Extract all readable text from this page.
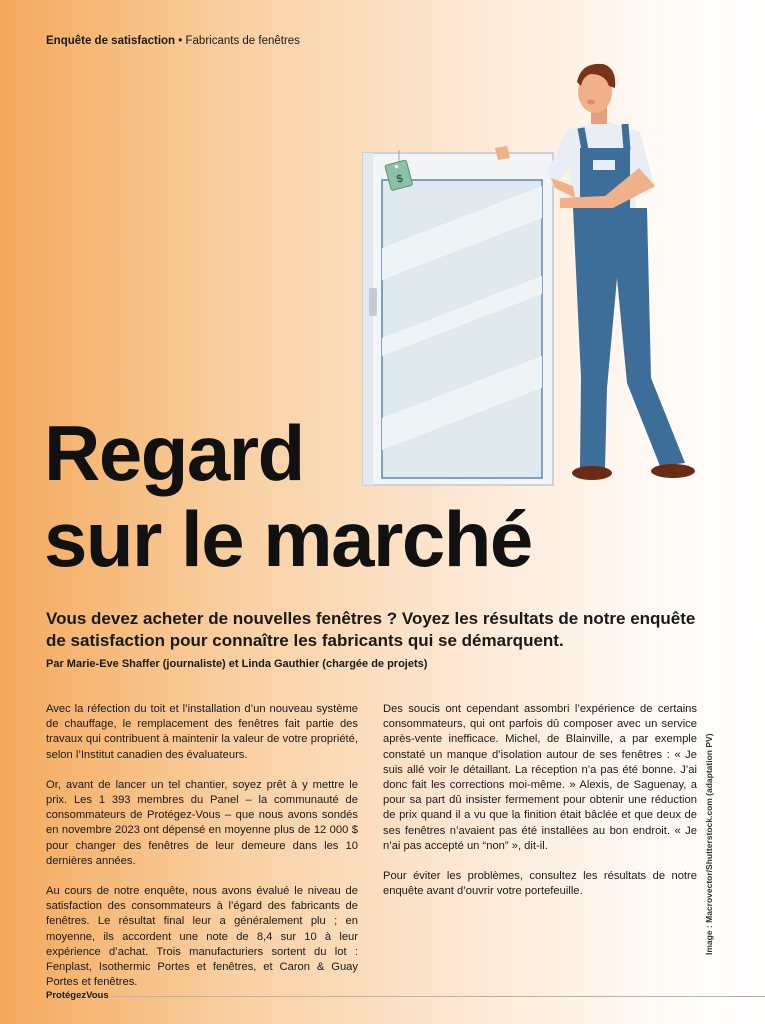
Enquête de satisfaction • Fabricants de fenêtres
$
Regard
sur le marché
Vous devez acheter de nouvelles fenêtres ? Voyez les résultats de notre enquête de satisfaction pour connaître les fabricants qui se démarquent.
Par Marie-Eve Shaffer (journaliste) et Linda Gauthier (chargée de projets)

Avec la réfection du toit et l’installation d’un nouveau système de chauffage, le remplacement des fenêtres fait partie des travaux qui contribuent à maintenir la valeur de votre propriété, selon l’Institut canadien des évaluateurs.

Or, avant de lancer un tel chantier, soyez prêt à y mettre le prix. Les 1 393 membres du Panel – la communauté de consommateurs de Protégez-Vous – que nous avons sondés en novembre 2023 ont dépensé en moyenne plus de 12 000 $ pour changer des fenêtres de leur demeure dans les 10 dernières années.

Au cours de notre enquête, nous avons évalué le niveau de satisfaction des consommateurs à l’égard des fabricants de fenêtres. Le résultat final leur a généralement plu ; en moyenne, ils accordent une note de 8,4 sur 10 à leur expérience d’achat. Trois manufacturiers sortent du lot : Fenplast, Isothermic Portes et fenêtres, et Caron & Guay Portes et fenêtres.

Des soucis ont cependant assombri l’expérience de certains consommateurs, qui ont parfois dû composer avec un service après-vente inefficace. Michel, de Blainville, a par exemple constaté un manque d’isolation autour de ses fenêtres : « Je suis allé voir le détaillant. La réception n’a pas été bonne. J’ai donc fait les corrections moi-même. » Alexis, de Saguenay, a pour sa part dû insister fermement pour obtenir une réduction de prix quand il a vu que la finition était bâclée et que deux de ses fenêtres n’avaient pas été installées au bon endroit. « Je n’ai pas accepté un “non” », dit-il.

Pour éviter les problèmes, consultez les résultats de notre enquête avant d’ouvrir votre portefeuille.	Image : Macrovector/Shutterstock.com (adaptation PV)
ProtégezVous
